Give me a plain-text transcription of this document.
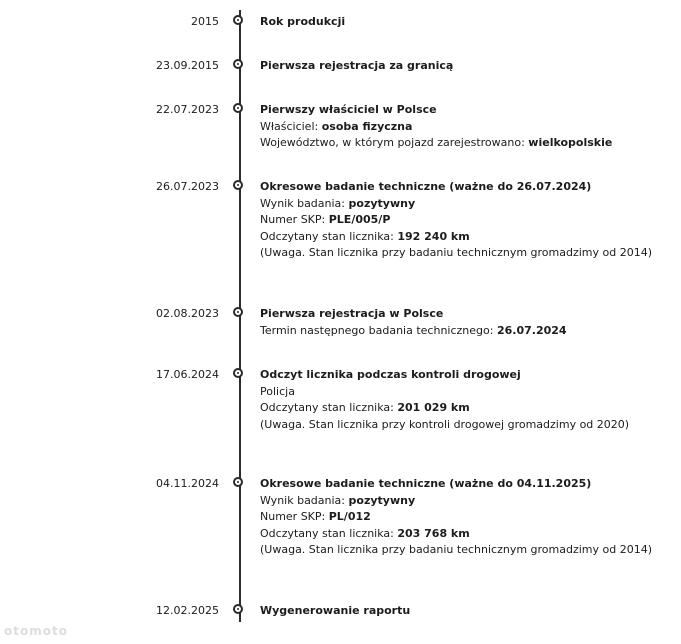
2015	Rok produkcji
23.09.2015	Pierwsza rejestracja za granicą
22.07.2023	Pierwszy właściciel w Polsce
Właściciel: osoba fizyczna
Województwo, w którym pojazd zarejestrowano: wielkopolskie
26.07.2023	Okresowe badanie techniczne (ważne do 26.07.2024)
Wynik badania: pozytywny
Numer SKP: PLE/005/P
Odczytany stan licznika: 192 240 km
(Uwaga. Stan licznika przy badaniu technicznym gromadzimy od 2014)
02.08.2023	Pierwsza rejestracja w Polsce
Termin następnego badania technicznego: 26.07.2024
17.06.2024	Odczyt licznika podczas kontroli drogowej
Policja
Odczytany stan licznika: 201 029 km
(Uwaga. Stan licznika przy kontroli drogowej gromadzimy od 2020)
04.11.2024	Okresowe badanie techniczne (ważne do 04.11.2025)
Wynik badania: pozytywny
Numer SKP: PL/012
Odczytany stan licznika: 203 768 km
(Uwaga. Stan licznika przy badaniu technicznym gromadzimy od 2014)
12.02.2025	Wygenerowanie raportu
otomoto
